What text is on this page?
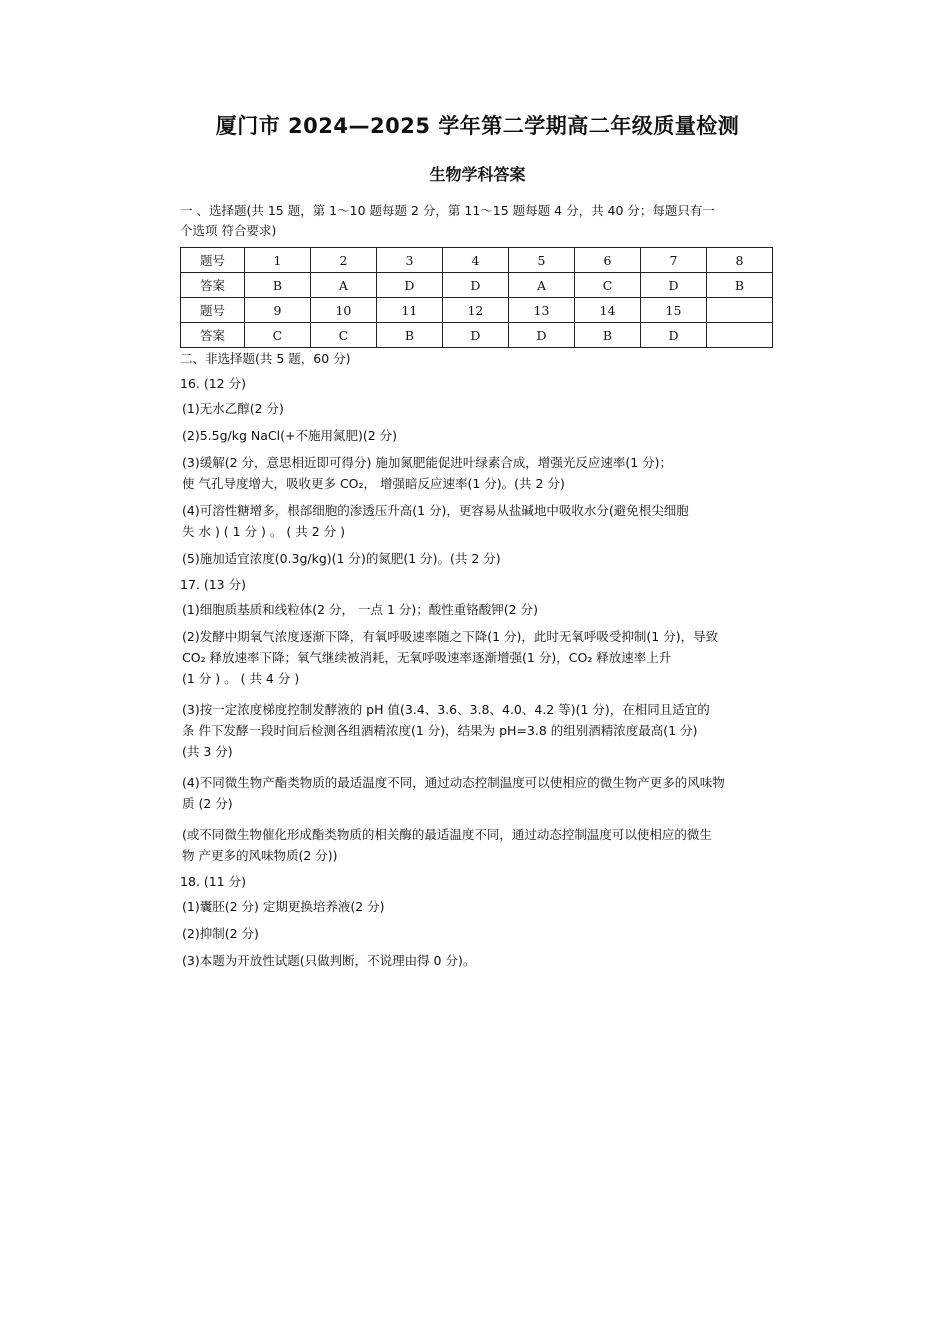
厦门市 2024—2025 学年第二学期高二年级质量检测
生物学科答案
一 、选择题(共 15 题，第 1～10 题每题 2 分，第 11～15 题每题 4 分，共 40 分；每题只有一
个选项 符合要求)
题号	1	2	3	4	5	6	7	8
答案	B	A	D	D	A	C	D	B
题号	9	10	11	12	13	14	15	
答案	C	C	B	D	D	B	D	
二、非选择题(共 5 题，60 分)
16. (12 分)
(1)无水乙醇(2 分)
(2)5.5g/kg NaCl(+不施用氮肥)(2 分)
(3)缓解(2 分，意思相近即可得分) 施加氮肥能促进叶绿素合成，增强光反应速率(1 分)；
使 气孔导度增大，吸收更多 CO₂， 增强暗反应速率(1 分)。(共 2 分)
(4)可溶性糖增多，根部细胞的渗透压升高(1 分)，更容易从盐碱地中吸收水分(避免根尖细胞
失 水 ) ( 1 分 ) 。 ( 共 2 分 )
(5)施加适宜浓度(0.3g/kg)(1 分)的氮肥(1 分)。(共 2 分)
17. (13 分)
(1)细胞质基质和线粒体(2 分， 一点 1 分)；酸性重铬酸钾(2 分)
(2)发酵中期氧气浓度逐渐下降，有氧呼吸速率随之下降(1 分)，此时无氧呼吸受抑制(1 分)，导致
CO₂ 释放速率下降；氧气继续被消耗，无氧呼吸速率逐渐增强(1 分)，CO₂ 释放速率上升
(1 分 ) 。 ( 共 4 分 )
(3)按一定浓度梯度控制发酵液的 pH 值(3.4、3.6、3.8、4.0、4.2 等)(1 分)，在相同且适宜的
条 件下发酵一段时间后检测各组酒精浓度(1 分)，结果为 pH=3.8 的组别酒精浓度最高(1 分)
(共 3 分)
(4)不同微生物产酯类物质的最适温度不同，通过动态控制温度可以使相应的微生物产更多的风味物
质 (2 分)
(或不同微生物催化形成酯类物质的相关酶的最适温度不同，通过动态控制温度可以使相应的微生
物 产更多的风味物质(2 分))
18. (11 分)
(1)囊胚(2 分) 定期更换培养液(2 分)
(2)抑制(2 分)
(3)本题为开放性试题(只做判断，不说理由得 0 分)。
